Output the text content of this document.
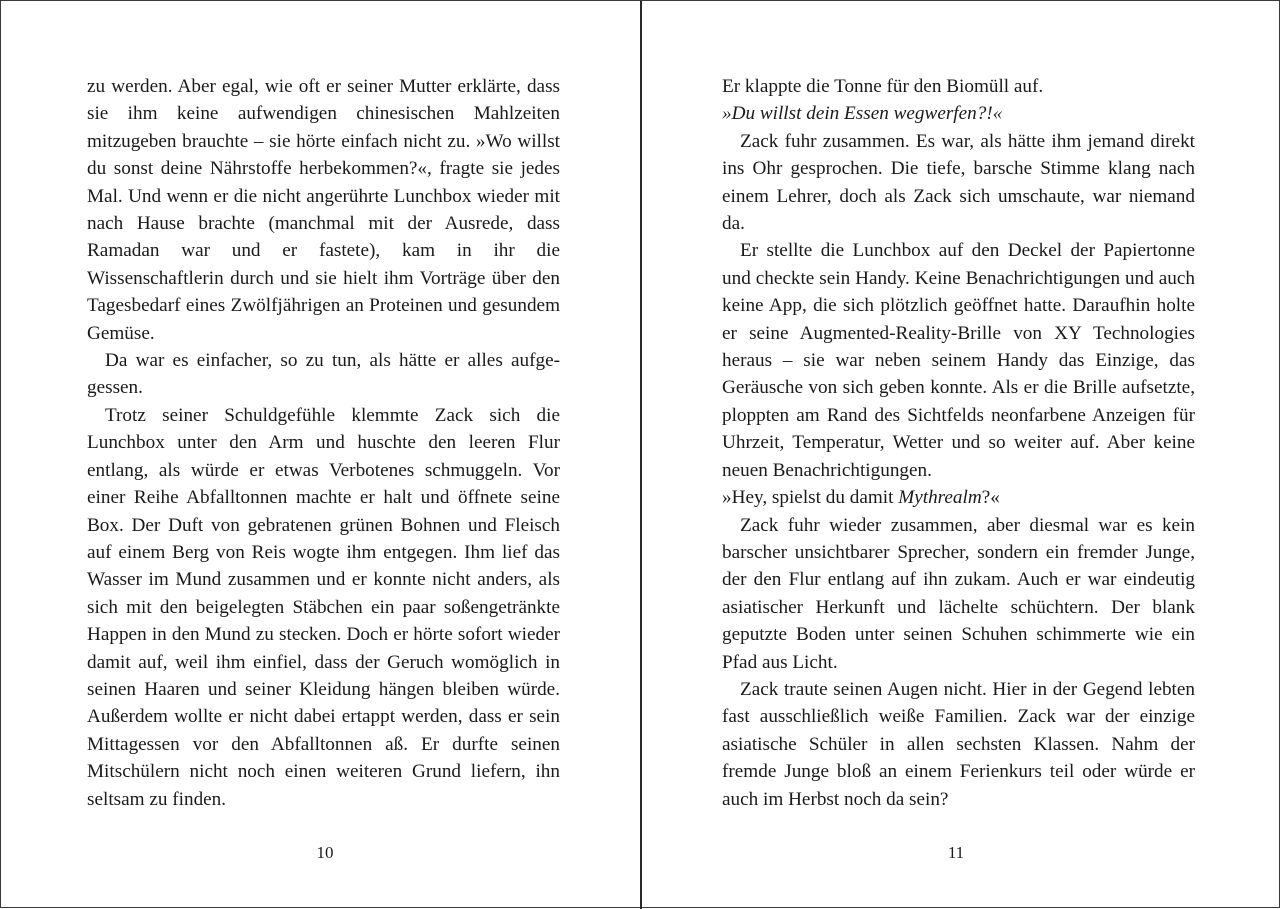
zu werden. Aber egal, wie oft er seiner Mutter erklärte, dass sie ihm keine aufwendigen chinesischen Mahlzeiten mitzugeben brauchte – sie hörte einfach nicht zu. »Wo willst du sonst deine Nährstoffe herbekommen?«, fragte sie jedes Mal. Und wenn er die nicht angerührte Lunchbox wieder mit nach Hause brachte (manchmal mit der Ausrede, dass Ramadan war und er fastete), kam in ihr die Wissenschaftlerin durch und sie hielt ihm Vorträge über den Tagesbedarf eines Zwölfjährigen an Proteinen und gesundem Gemüse.

Da war es einfacher, so zu tun, als hätte er alles aufgegessen.

Trotz seiner Schuldgefühle klemmte Zack sich die Lunchbox unter den Arm und huschte den leeren Flur entlang, als würde er etwas Verbotenes schmuggeln. Vor einer Reihe Abfalltonnen machte er halt und öffnete seine Box. Der Duft von gebratenen grünen Bohnen und Fleisch auf einem Berg von Reis wogte ihm entgegen. Ihm lief das Wasser im Mund zusammen und er konnte nicht anders, als sich mit den beigelegten Stäbchen ein paar soßengetränkte Happen in den Mund zu stecken. Doch er hörte sofort wieder damit auf, weil ihm einfiel, dass der Geruch womöglich in seinen Haaren und seiner Kleidung hängen bleiben würde. Außerdem wollte er nicht dabei ertappt werden, dass er sein Mittagessen vor den Abfalltonnen aß. Er durfte seinen Mitschülern nicht noch einen weiteren Grund liefern, ihn seltsam zu finden.

10

Er klappte die Tonne für den Biomüll auf.

»Du willst dein Essen wegwerfen?!«

Zack fuhr zusammen. Es war, als hätte ihm jemand direkt ins Ohr gesprochen. Die tiefe, barsche Stimme klang nach einem Lehrer, doch als Zack sich umschaute, war niemand da.

Er stellte die Lunchbox auf den Deckel der Papiertonne und checkte sein Handy. Keine Benachrichtigungen und auch keine App, die sich plötzlich geöffnet hatte. Daraufhin holte er seine Augmented-Reality-Brille von XY Technologies heraus – sie war neben seinem Handy das Einzige, das Geräusche von sich geben konnte. Als er die Brille aufsetzte, ploppten am Rand des Sichtfelds neonfarbene Anzeigen für Uhrzeit, Temperatur, Wetter und so weiter auf. Aber keine neuen Benachrichtigungen.

»Hey, spielst du damit Mythrealm?«

Zack fuhr wieder zusammen, aber diesmal war es kein barscher unsichtbarer Sprecher, sondern ein fremder Junge, der den Flur entlang auf ihn zukam. Auch er war eindeutig asiatischer Herkunft und lächelte schüchtern. Der blank geputzte Boden unter seinen Schuhen schimmerte wie ein Pfad aus Licht.

Zack traute seinen Augen nicht. Hier in der Gegend lebten fast ausschließlich weiße Familien. Zack war der einzige asiatische Schüler in allen sechsten Klassen. Nahm der fremde Junge bloß an einem Ferienkurs teil oder würde er auch im Herbst noch da sein?

11
